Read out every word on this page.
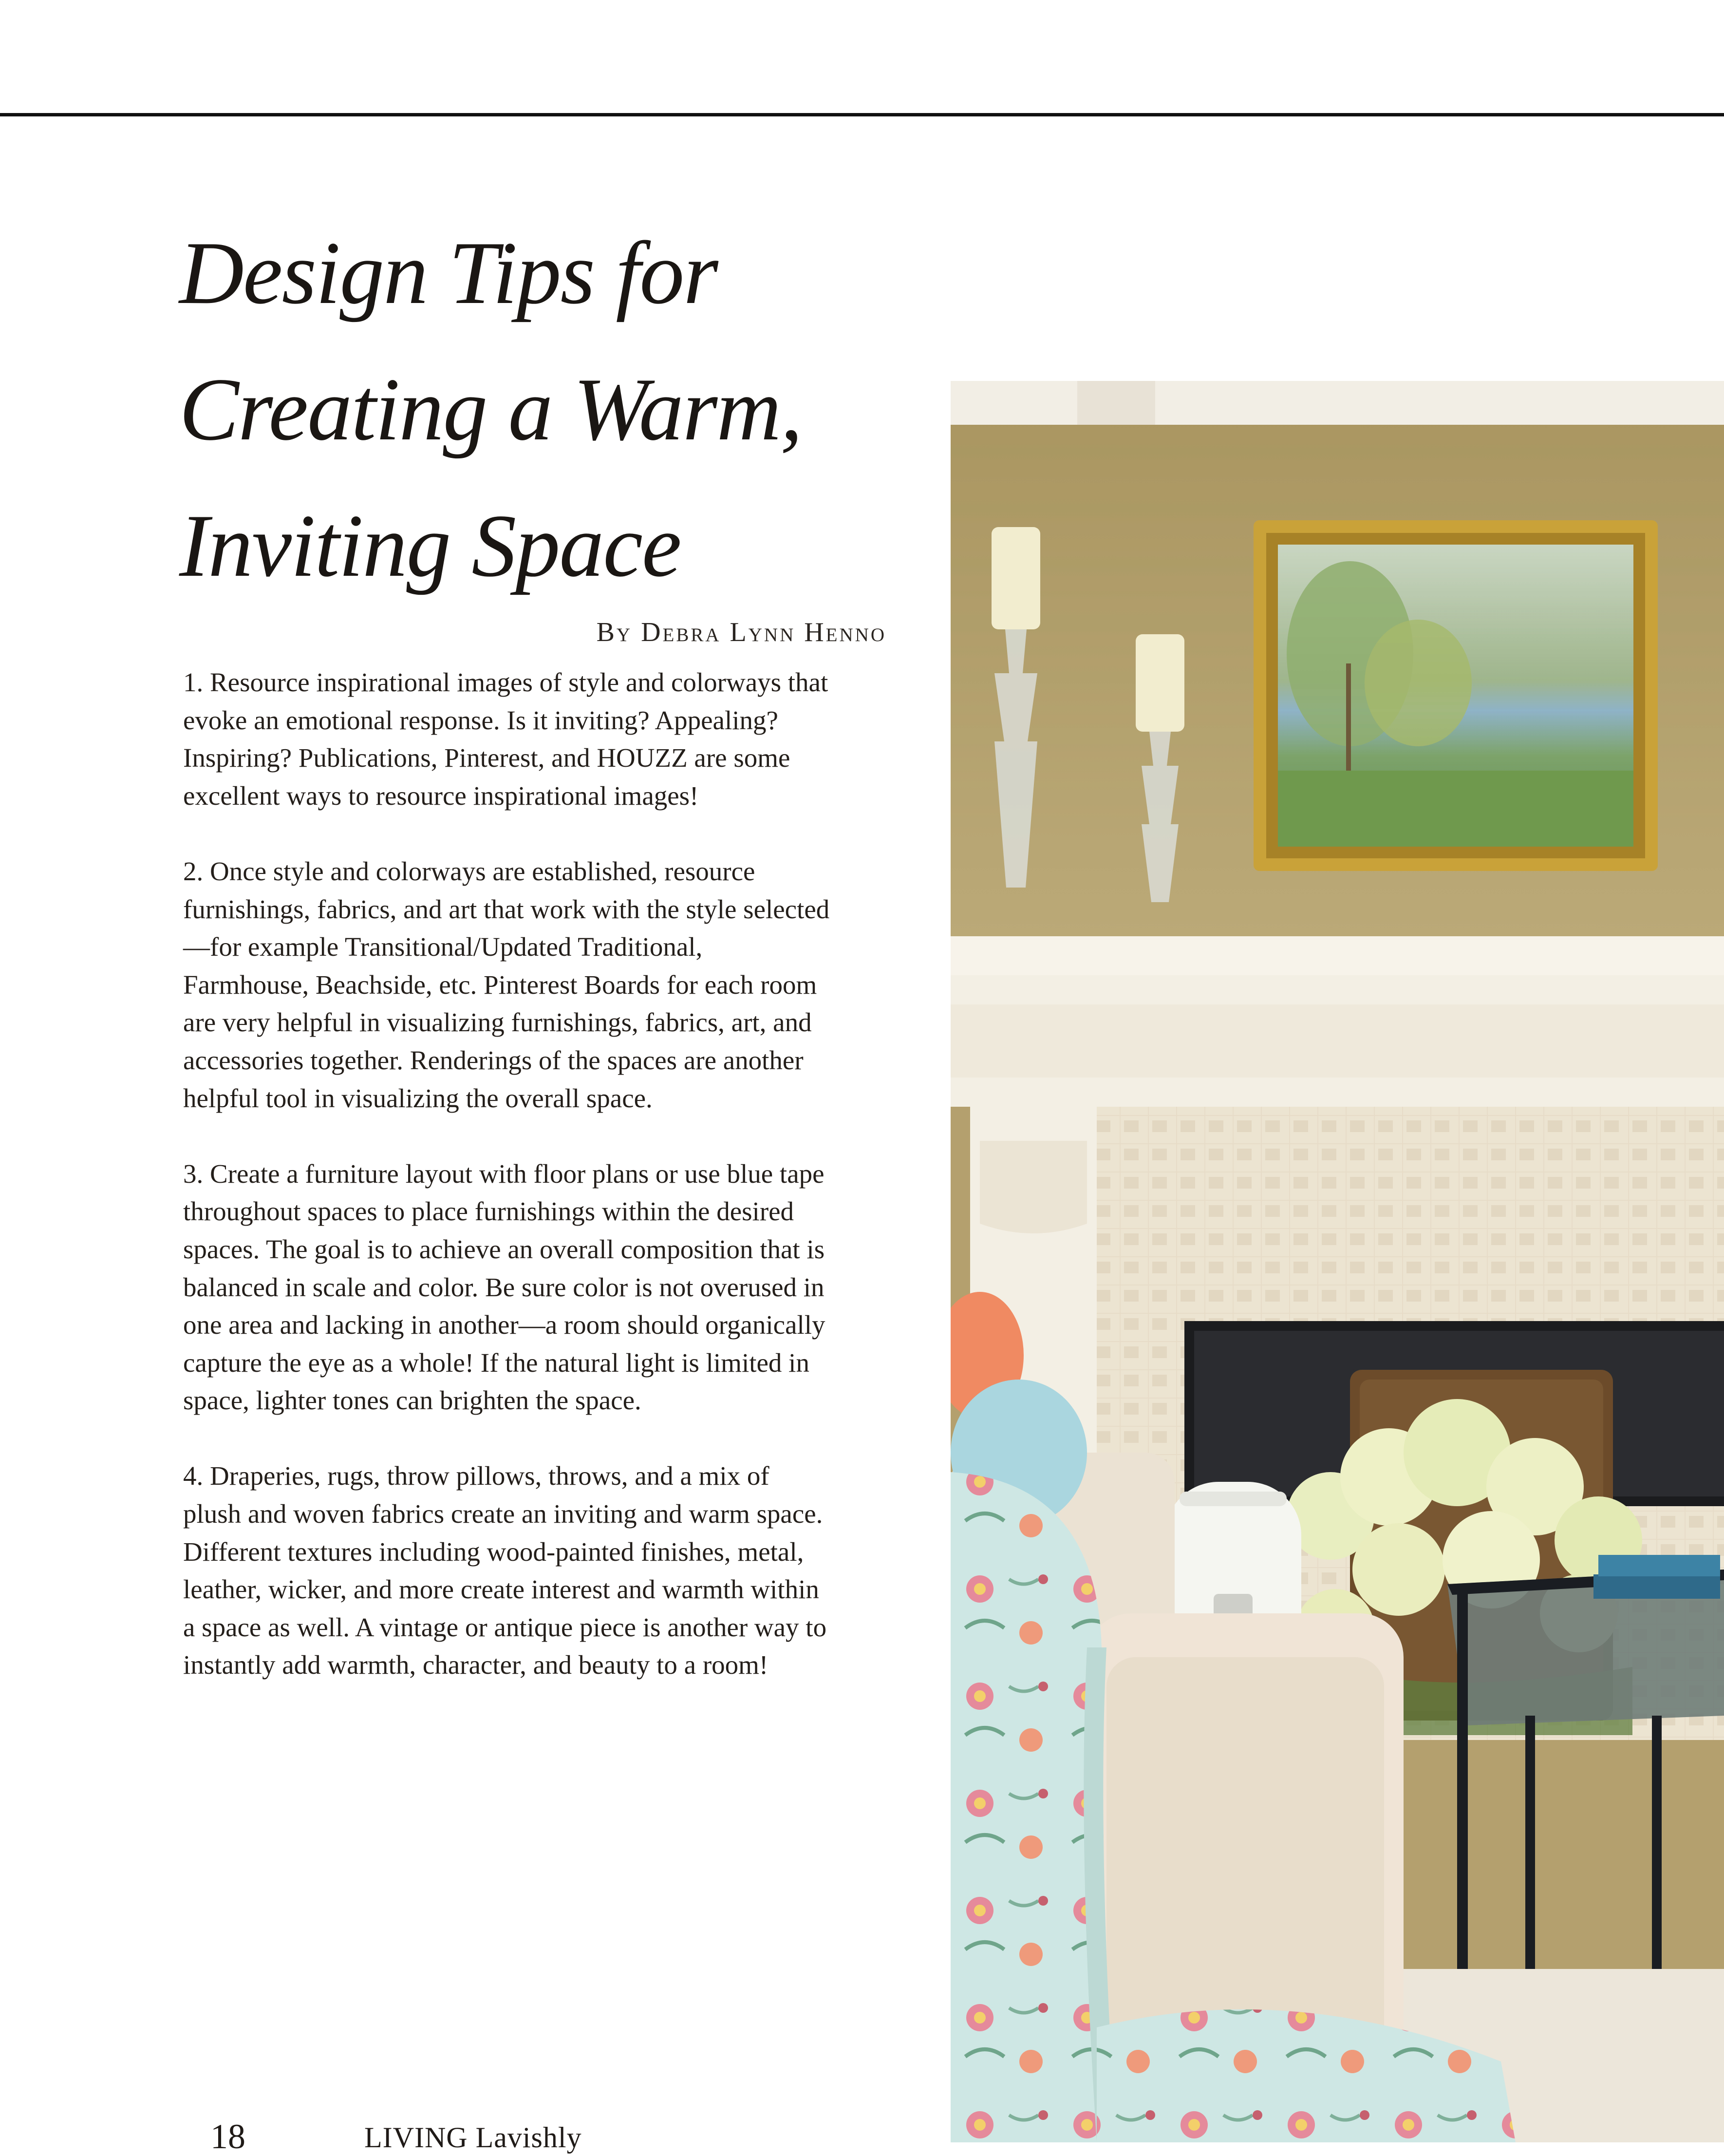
Design Tips for
Creating a Warm,
Inviting Space
By Debra Lynn Henno

1. Resource inspirational images of style and colorways that evoke an emotional response. Is it inviting? Appealing? Inspiring? Publications, Pinterest, and HOUZZ are some excellent ways to resource inspirational images!

2. Once style and colorways are established, resource furnishings, fabrics, and art that work with the style selected—for example Transitional/Updated Traditional, Farmhouse, Beachside, etc. Pinterest Boards for each room are very helpful in visualizing furnishings, fabrics, art, and accessories together. Renderings of the spaces are another helpful tool in visualizing the overall space.

3. Create a furniture layout with floor plans or use blue tape throughout spaces to place furnishings within the desired spaces. The goal is to achieve an overall composition that is balanced in scale and color. Be sure color is not overused in one area and lacking in another—a room should organically capture the eye as a whole! If the natural light is limited in space, lighter tones can brighten the space.

4. Draperies, rugs, throw pillows, throws, and a mix of plush and woven fabrics create an inviting and warm space. Different textures including wood-painted finishes, metal, leather, wicker, and more create interest and warmth within a space as well. A vintage or antique piece is another way to instantly add warmth, character, and beauty to a room!

18	LIVING Lavishly
